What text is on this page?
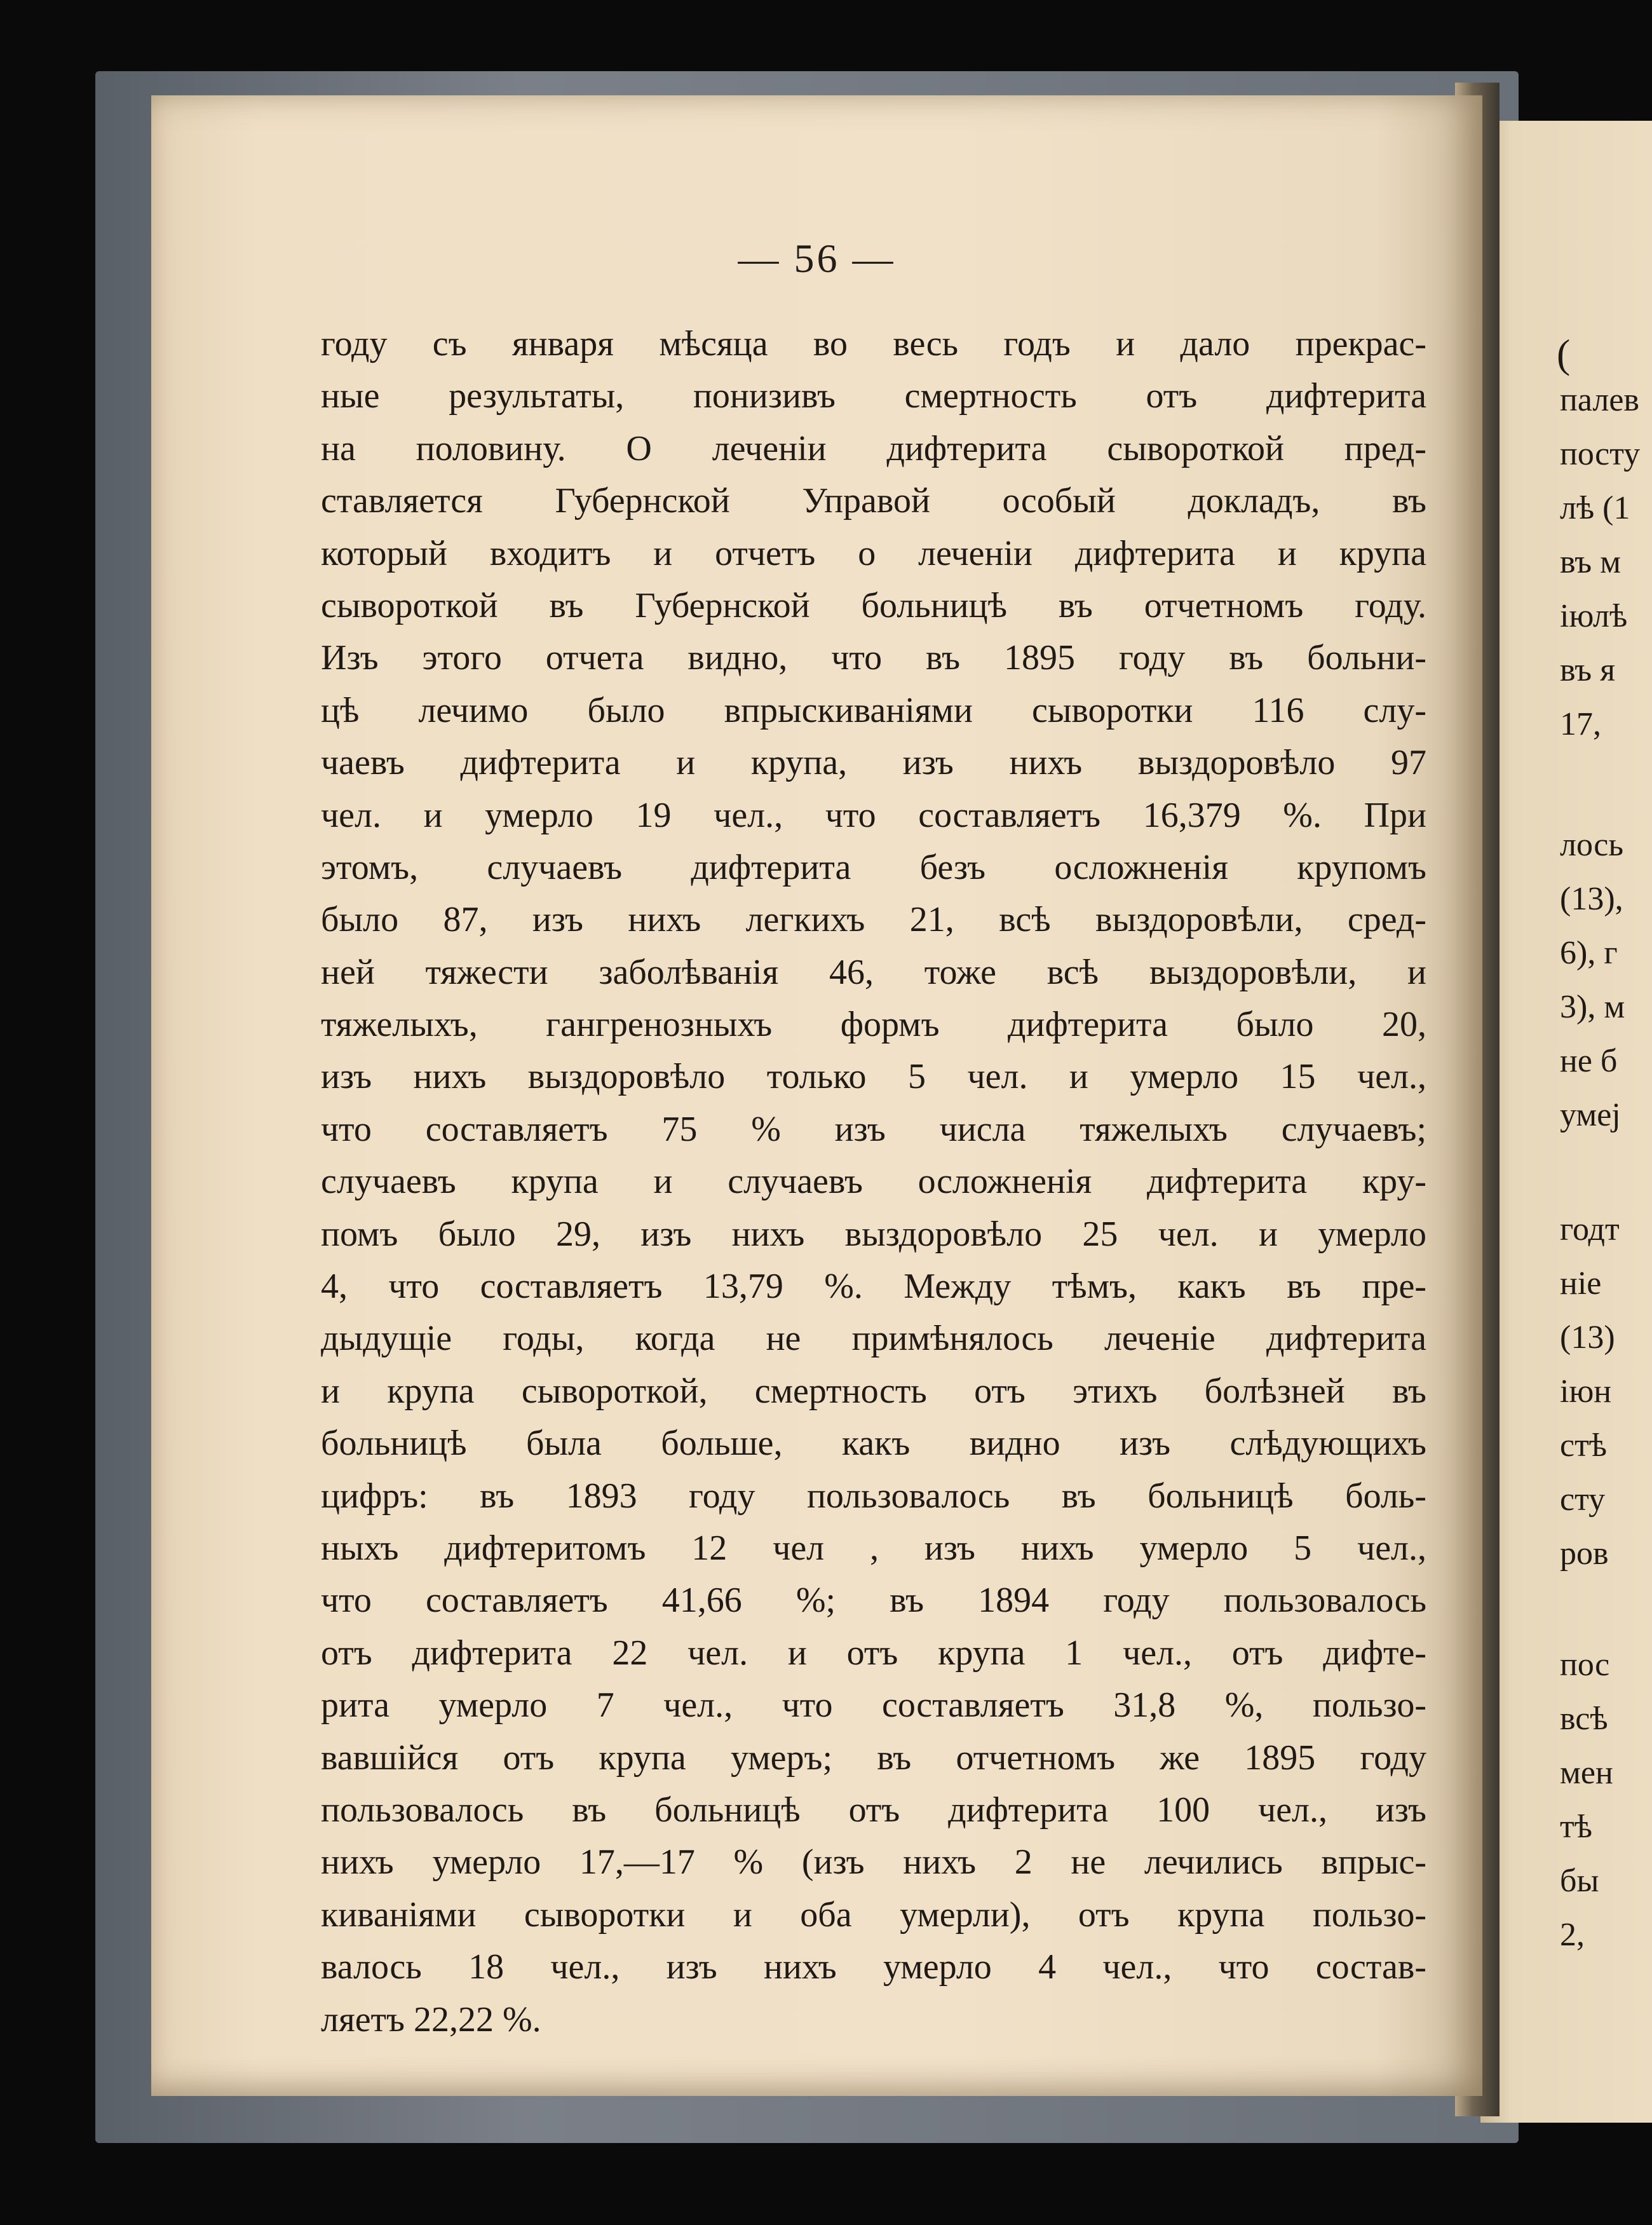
— 56 —
году съ января мѣсяца во весь годъ и дало прекрас-
ные результаты, понизивъ смертность отъ дифтерита
на половину. О леченіи дифтерита сывороткой пред-
ставляется Губернской Управой особый докладъ, въ
который входитъ и отчетъ о леченіи дифтерита и крупа
сывороткой въ Губернской больницѣ въ отчетномъ году.
Изъ этого отчета видно, что въ 1895 году въ больни-
цѣ лечимо было впрыскиваніями сыворотки 116 слу-
чаевъ дифтерита и крупа, изъ нихъ выздоровѣло 97
чел. и умерло 19 чел., что составляетъ 16,379 %. При
этомъ, случаевъ дифтерита безъ осложненія крупомъ
было 87, изъ нихъ легкихъ 21, всѣ выздоровѣли, сред-
ней тяжести заболѣванія 46, тоже всѣ выздоровѣли, и
тяжелыхъ, гангренозныхъ формъ дифтерита было 20,
изъ нихъ выздоровѣло только 5 чел. и умерло 15 чел.,
что составляетъ 75 % изъ числа тяжелыхъ случаевъ;
случаевъ крупа и случаевъ осложненія дифтерита кру-
помъ было 29, изъ нихъ выздоровѣло 25 чел. и умерло
4, что составляетъ 13,79 %. Между тѣмъ, какъ въ пре-
дыдущіе годы, когда не примѣнялось леченіе дифтерита
и крупа сывороткой, смертность отъ этихъ болѣзней въ
больницѣ была больше, какъ видно изъ слѣдующихъ
цифръ: въ 1893 году пользовалось въ больницѣ боль-
ныхъ дифтеритомъ 12 чел , изъ нихъ умерло 5 чел.,
что составляетъ 41,66 %; въ 1894 году пользовалось
отъ дифтерита 22 чел. и отъ крупа 1 чел., отъ дифте-
рита умерло 7 чел., что составляетъ 31,8 %, пользо-
вавшійся отъ крупа умеръ; въ отчетномъ же 1895 году
пользовалось въ больницѣ отъ дифтерита 100 чел., изъ
нихъ умерло 17,—17 % (изъ нихъ 2 не лечились впрыс-
киваніями сыворотки и оба умерли), отъ крупа пользо-
валось 18 чел., изъ нихъ умерло 4 чел., что состав-
ляетъ 22,22 %.
(
палев
посту
лѣ (1
въ м
іюлѣ
въ я
17,
лось
(13),
6), г
3), м
не б
умеј
годт
ніе
(13)
іюн
стѣ
сту
ров
пос
всѣ
мен
тѣ
бы
2,
